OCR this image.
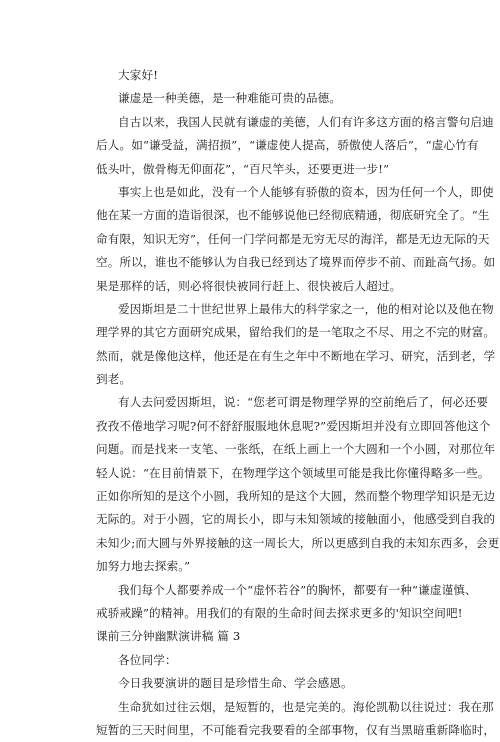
大家好!
谦虚是一种美德，是一种难能可贵的品德。
自古以来，我国人民就有谦虚的美德，人们有许多这方面的格言警句启迪
后人。如“谦受益，满招损”，“谦虚使人提高，骄傲使人落后”，“虚心竹有
低头叶，傲骨梅无仰面花”，“百尺竿头，还要更进一步!”
事实上也是如此，没有一个人能够有骄傲的资本，因为任何一个人，即使
他在某一方面的造诣很深，也不能够说他已经彻底精通，彻底研究全了。“生
命有限，知识无穷”，任何一门学问都是无穷无尽的海洋，都是无边无际的天
空。所以，谁也不能够认为自我已经到达了境界而停步不前、而趾高气扬。如
果是那样的话，则必将很快被同行赶上、很快被后人超过。
爱因斯坦是二十世纪世界上最伟大的科学家之一，他的相对论以及他在物
理学界的其它方面研究成果，留给我们的是一笔取之不尽、用之不完的财富。
然而，就是像他这样，他还是在有生之年中不断地在学习、研究，活到老，学
到老。
有人去问爱因斯坦，说：“您老可谓是物理学界的空前绝后了，何必还要
孜孜不倦地学习呢?何不舒舒服服地休息呢?”爱因斯坦并没有立即回答他这个
问题。而是找来一支笔、一张纸，在纸上画上一个大圆和一个小圆，对那位年
轻人说：“在目前情景下，在物理学这个领域里可能是我比你懂得略多一些。
正如你所知的是这个小圆，我所知的是这个大圆，然而整个物理学知识是无边
无际的。对于小圆，它的周长小，即与未知领域的接触面小，他感受到自我的
未知少;而大圆与外界接触的这一周长大，所以更感到自我的未知东西多，会更
加努力地去探索。”
我们每个人都要养成一个“虚怀若谷”的胸怀，都要有一种“谦虚谨慎、
戒骄戒躁”的精神。用我们的有限的生命时间去探求更多的'知识空间吧!
课前三分钟幽默演讲稿 篇 3
各位同学：
今日我要演讲的题目是珍惜生命、学会感恩。
生命犹如过往云烟，是短暂的，也是完美的。海伦凯勒以往说过：我在那
短暂的三天时间里，不可能看完我要看的全部事物，仅有当黑暗重新降临时，
